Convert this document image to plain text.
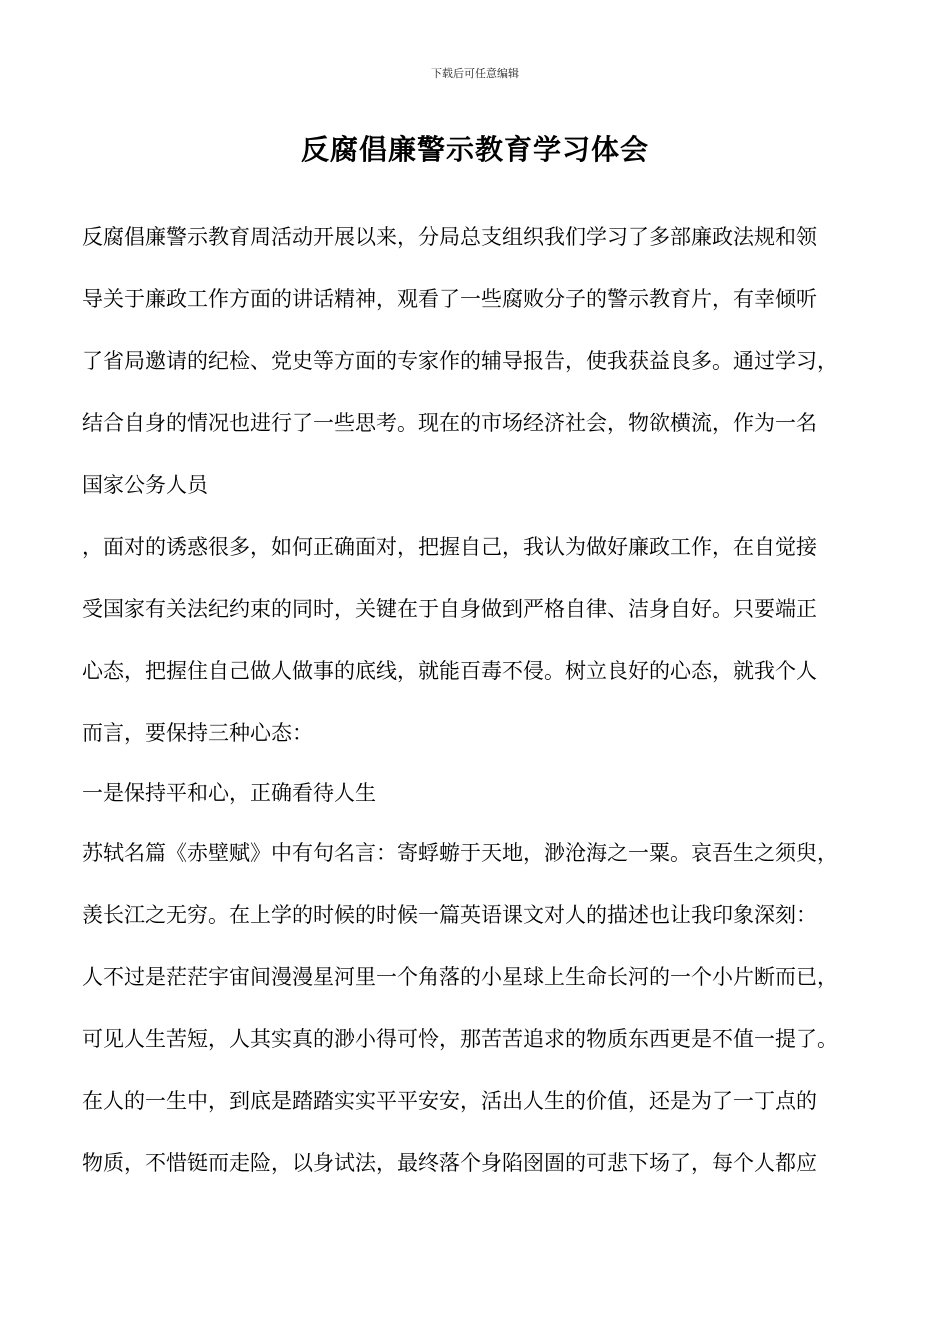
下载后可任意编辑
反腐倡廉警示教育学习体会
反腐倡廉警示教育周活动开展以来，分局总支组织我们学习了多部廉政法规和领
导关于廉政工作方面的讲话精神，观看了一些腐败分子的警示教育片，有幸倾听
了省局邀请的纪检、党史等方面的专家作的辅导报告，使我获益良多。通过学习，
结合自身的情况也进行了一些思考。现在的市场经济社会，物欲横流，作为一名
国家公务人员
，面对的诱惑很多，如何正确面对，把握自己，我认为做好廉政工作，在自觉接
受国家有关法纪约束的同时，关键在于自身做到严格自律、洁身自好。只要端正
心态，把握住自己做人做事的底线，就能百毒不侵。树立良好的心态，就我个人
而言，要保持三种心态：
一是保持平和心，正确看待人生
苏轼名篇《赤壁赋》中有句名言：寄蜉蝣于天地，渺沧海之一粟。哀吾生之须臾，
羡长江之无穷。在上学的时候的时候一篇英语课文对人的描述也让我印象深刻：
人不过是茫茫宇宙间漫漫星河里一个角落的小星球上生命长河的一个小片断而已，
可见人生苦短，人其实真的渺小得可怜，那苦苦追求的物质东西更是不值一提了。
在人的一生中，到底是踏踏实实平平安安，活出人生的价值，还是为了一丁点的
物质，不惜铤而走险，以身试法，最终落个身陷囹圄的可悲下场了，每个人都应
